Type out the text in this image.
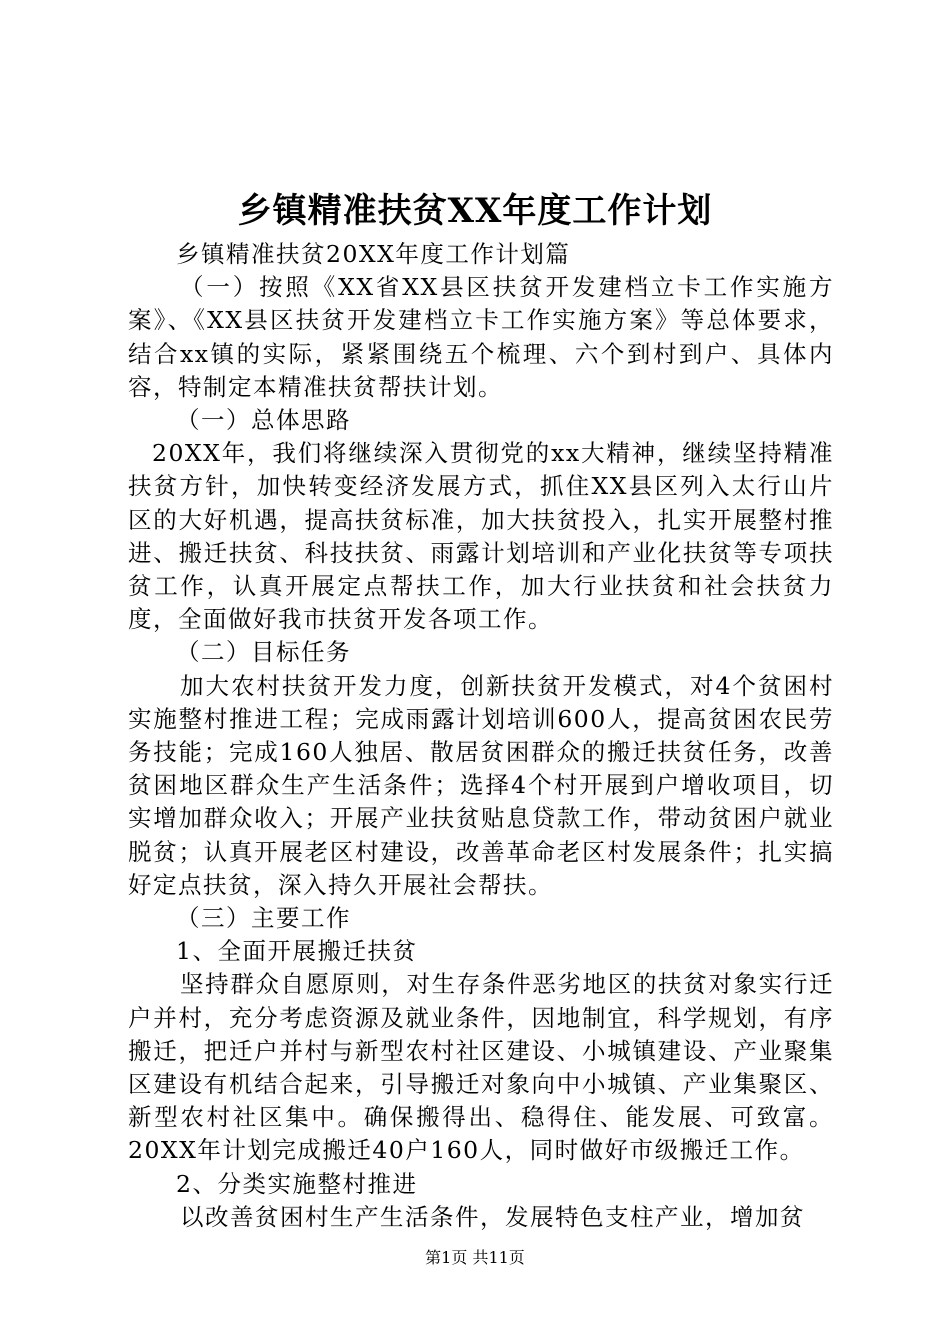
乡镇精准扶贫XX年度工作计划

乡镇精准扶贫20XX年度工作计划篇

（一）按照《XX省XX县区扶贫开发建档立卡工作实施方案》、《XX县区扶贫开发建档立卡工作实施方案》等总体要求，结合xx镇的实际，紧紧围绕五个梳理、六个到村到户、具体内容，特制定本精准扶贫帮扶计划。

（一）总体思路

20XX年，我们将继续深入贯彻党的xx大精神，继续坚持精准扶贫方针，加快转变经济发展方式，抓住XX县区列入太行山片区的大好机遇，提高扶贫标准，加大扶贫投入，扎实开展整村推进、搬迁扶贫、科技扶贫、雨露计划培训和产业化扶贫等专项扶贫工作，认真开展定点帮扶工作，加大行业扶贫和社会扶贫力度，全面做好我市扶贫开发各项工作。

（二）目标任务

加大农村扶贫开发力度，创新扶贫开发模式，对4个贫困村实施整村推进工程；完成雨露计划培训600人，提高贫困农民劳务技能；完成160人独居、散居贫困群众的搬迁扶贫任务，改善贫困地区群众生产生活条件；选择4个村开展到户增收项目，切实增加群众收入；开展产业扶贫贴息贷款工作，带动贫困户就业脱贫；认真开展老区村建设，改善革命老区村发展条件；扎实搞好定点扶贫，深入持久开展社会帮扶。

（三）主要工作

1、全面开展搬迁扶贫

坚持群众自愿原则，对生存条件恶劣地区的扶贫对象实行迁户并村，充分考虑资源及就业条件，因地制宜，科学规划，有序搬迁，把迁户并村与新型农村社区建设、小城镇建设、产业聚集区建设有机结合起来，引导搬迁对象向中小城镇、产业集聚区、新型农村社区集中。确保搬得出、稳得住、能发展、可致富。20XX年计划完成搬迁40户160人，同时做好市级搬迁工作。

2、分类实施整村推进

以改善贫困村生产生活条件，发展特色支柱产业，增加贫

第1页 共11页
